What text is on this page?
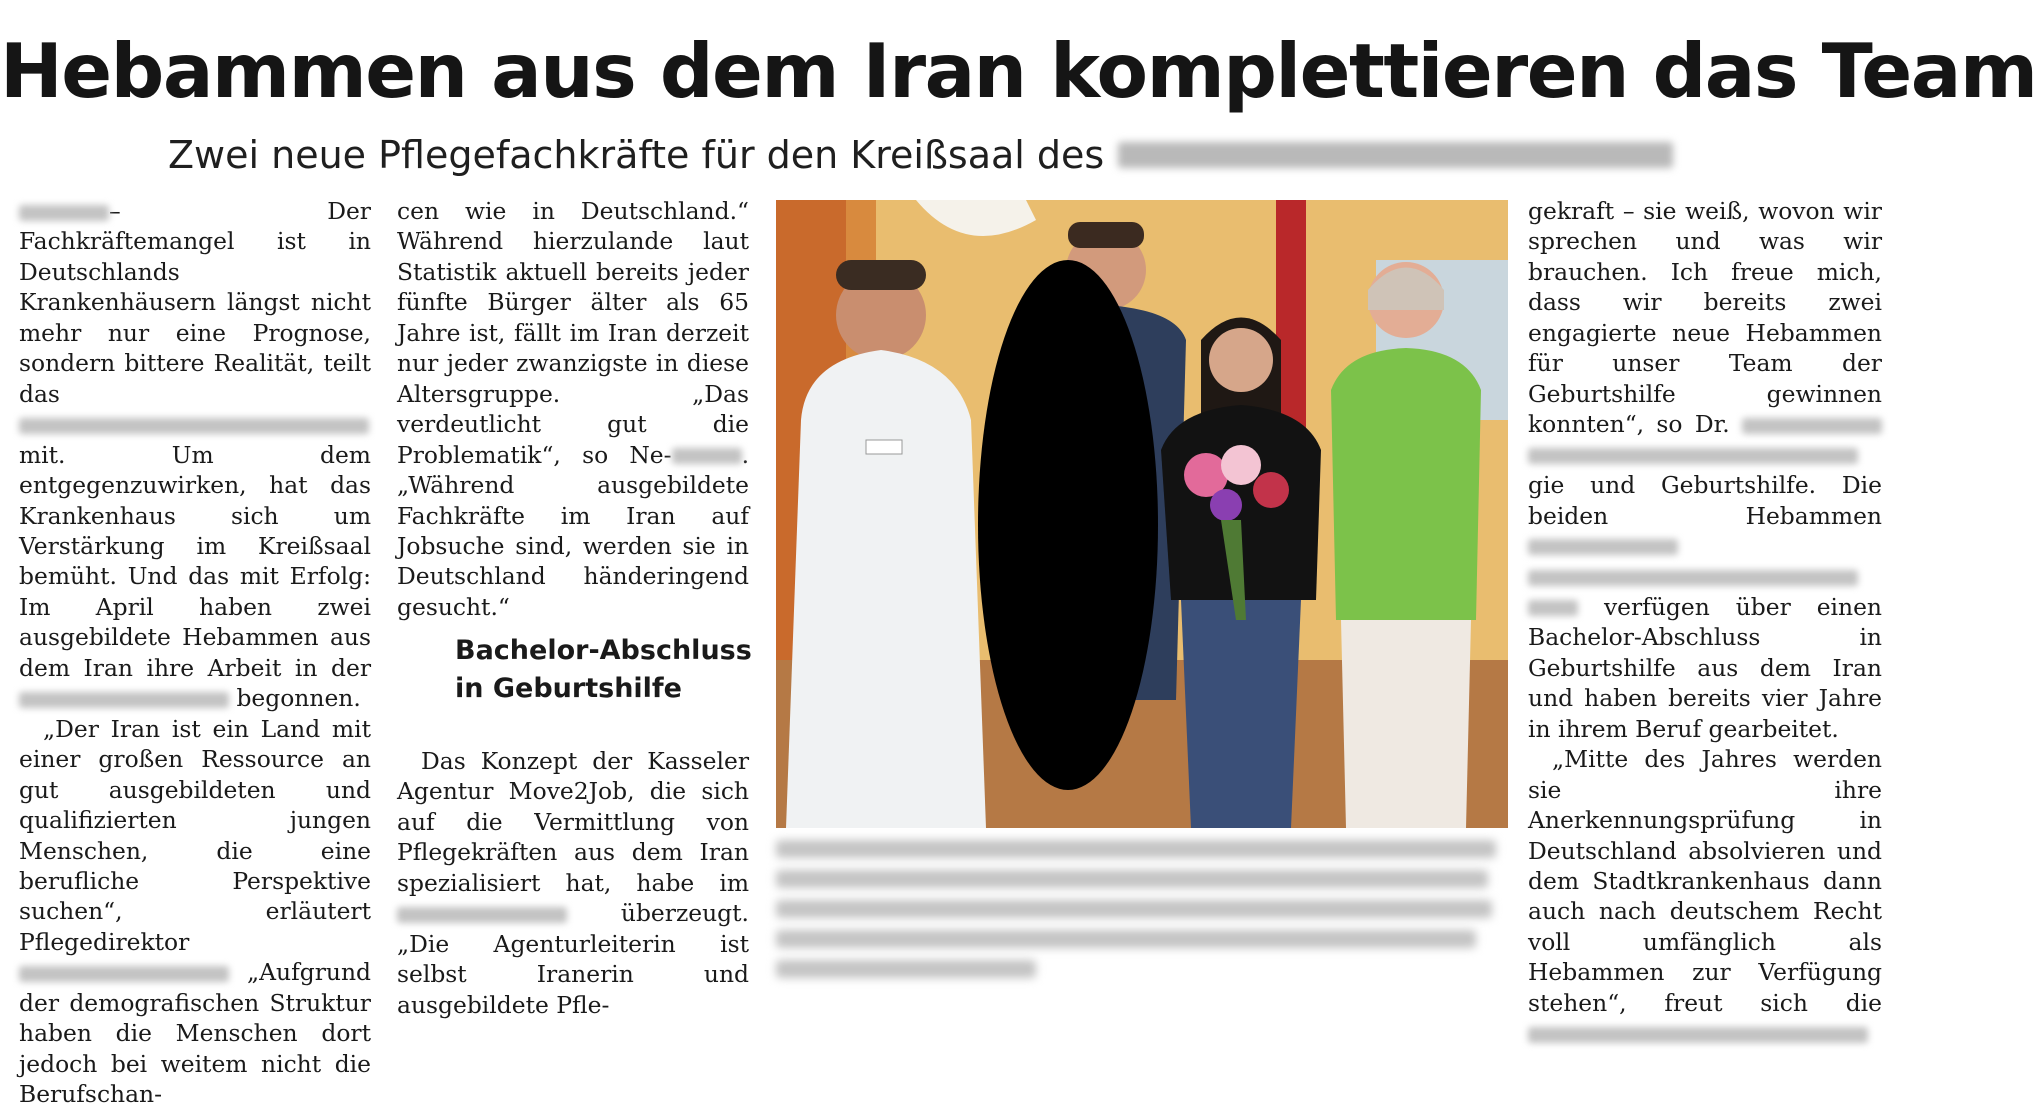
Hebammen aus dem Iran komplettieren das Team
Zwei neue Pflegefachkräfte für den Kreißsaal des

– Der Fachkräftemangel ist in Deutschlands Krankenhäusern längst nicht mehr nur eine Prognose, sondern bittere Realität, teilt das  mit. Um dem entgegenzuwirken, hat das Krankenhaus sich um Verstärkung im Kreißsaal bemüht. Und das mit Erfolg: Im April haben zwei ausgebildete Hebammen aus dem Iran ihre Arbeit in der  begonnen.

„Der Iran ist ein Land mit einer großen Ressource an gut ausgebildeten und qualifizierten jungen Menschen, die eine berufliche Perspektive suchen“, erläutert Pflegedirektor  „Aufgrund der demografischen Struktur haben die Menschen dort jedoch bei weitem nicht die Berufschan-

cen wie in Deutschland.“ Während hierzulande laut Statistik aktuell bereits jeder fünfte Bürger älter als 65 Jahre ist, fällt im Iran derzeit nur jeder zwanzigste in diese Altersgruppe. „Das verdeutlicht gut die Problematik“, so Ne-	. „Während ausgebildete Fachkräfte im Iran auf Jobsuche sind, werden sie in Deutschland händeringend gesucht.“

Bachelor-Abschluss in Geburtshilfe

Das Konzept der Kasseler Agentur Move2Job, die sich auf die Vermittlung von Pflegekräften aus dem Iran spezialisiert hat, habe im  überzeugt. „Die Agenturleiterin ist selbst Iranerin und ausgebildete Pfle-

gekraft – sie weiß, wovon wir sprechen und was wir brauchen. Ich freue mich, dass wir bereits zwei engagierte neue Hebammen für unser Team der Geburtshilfe gewinnen konnten“, so Dr.   gie und Geburtshilfe. Die beiden Hebammen    verfügen über einen Bachelor-Abschluss in Geburtshilfe aus dem Iran und haben bereits vier Jahre in ihrem Beruf gearbeitet.

„Mitte des Jahres werden sie ihre Anerkennungsprüfung in Deutschland absolvieren und dem Stadtkrankenhaus dann auch nach deutschem Recht voll umfänglich als Hebammen zur Verfügung stehen“, freut sich die
